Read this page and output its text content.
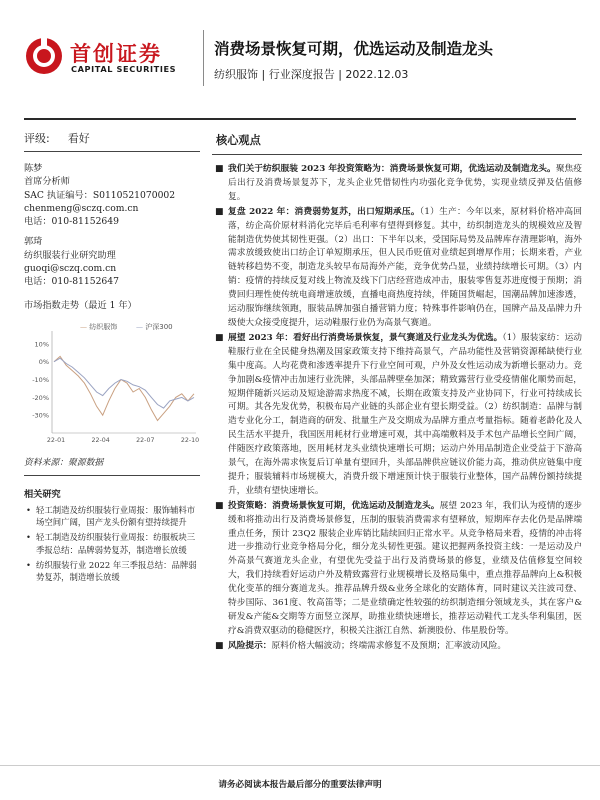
首创证券
CAPITAL SECURITIES
消费场景恢复可期，优选运动及制造龙头
纺织服饰 | 行业深度报告 | 2022.12.03
评级: 看好
陈梦
首席分析师
SAC 执证编号：S0110521070002
chenmeng@sczq.com.cn
电话：010-81152649
郭琦
纺织服装行业研究助理
guoqi@sczq.com.cn
电话：010-81152647
市场指数走势（最近 1 年）
10%
0%
-10%
-20%
-30%
22-01	22-04	22-07	22-10
— 纺织服饰	— 沪深300
资料来源：聚源数据
相关研究
• 轻工制造及纺织服装行业周报：服饰辅料市场空间广阔，国产龙头份额有望持续提升
• 轻工制造及纺织服装行业周报：纺服板块三季报总结：品牌弱势复苏，制造增长放缓
• 纺织服装行业 2022 年三季报总结：品牌弱势复苏，制造增长放缓
核心观点
■ 我们关于纺织服装 2023 年投资策略为：消费场景恢复可期，优选运动及制造龙头。聚焦疫后出行及消费场景复苏下，龙头企业凭借韧性内功强化竞争优势，实现业绩反弹及估值修复。
■ 复盘 2022 年：消费弱势复苏，出口短期承压。（1）生产：今年以来，原材料价格冲高回落，纺企高价原材料消化完毕后毛利率有望得到修复。其中，纺织制造龙头的规模效应及智能制造优势使其韧性更强。（2）出口：下半年以来，受国际局势及品牌库存清理影响，海外需求放缓致使出口纺企订单短期承压，但人民币贬值对业绩起到增厚作用；长期来看，产业链转移趋势不变，制造龙头较早布局海外产能，竞争优势凸显，业绩持续增长可期。（3）内销：疫情的持续反复对线上物流及线下门店经营造成冲击，服装零售复苏进度慢于预期；消费回归理性使传统电商增速放缓，直播电商热度持续，伴随国货崛起，国潮品牌加速渗透，运动服饰继续领跑，服装品牌加强自播营销力度；特殊事件影响仍在，国牌产品及品牌力升级使大众接受度提升，运动鞋服行业仍为高景气赛道。
■ 展望 2023 年：看好出行消费场景恢复，景气赛道及行业龙头为优选。（1）服装家纺：运动鞋服行业在全民健身热潮及国家政策支持下维持高景气，产品功能性及营销资源稀缺使行业集中度高。人均花费和渗透率提升下行业空间可观，户外及女性运动成为新增长驱动力。竞争加剧&疫情冲击加速行业洗牌，头部品牌壁垒加深；精致露营行业受疫情催化顺势而起，短期伴随新兴运动及短途游需求热度不减，长期在政策支持及产业协同下，行业可持续成长可期。其各先发优势，积极布局产业链的头部企业有望长期受益。（2）纺织制造：品牌与制造专业化分工，制造商的研发、批量生产及交期成为品牌方重点考量指标。随着老龄化及人民生活水平提升，我国医用耗材行业增速可观，其中高端敷料及手术包产品增长空间广阔，伴随医疗政策落地，医用耗材龙头业绩快速增长可期；运动户外用品制造企业受益于下游高景气，在海外需求恢复后订单量有望回升，头部品牌供应链议价能力高，推动供应链集中度提升；服装辅料市场规模大，消费升级下增速预计快于服装行业整体，国产品牌份额持续提升，业绩有望快速增长。
■ 投资策略：消费场景恢复可期，优选运动及制造龙头。展望 2023 年，我们认为疫情的逐步缓和将推动出行及消费场景修复，压制的服装消费需求有望释放，短期库存去化仍是品牌端重点任务，预计 23Q2 服装企业库销比陆续回归正常水平。从竞争格局来看，疫情的冲击将进一步推动行业竞争格局分化，细分龙头韧性更强。建议把握两条投资主线：一是运动及户外高景气赛道龙头企业，有望优先受益于出行及消费场景的修复，业绩及估值修复空间较大，我们持续看好运动户外及精致露营行业规模增长及格局集中，重点推荐品牌向上&积极优化变革的细分赛道龙头。推荐品牌升级&业务全球化的安踏体育，同时建议关注波司登、特步国际、361度、牧高笛等；二是业绩确定性较强的纺织制造细分领域龙头，其在客户&研发&产能&交期等方面竖立深厚，助推业绩快速增长，推荐运动鞋代工龙头华利集团，医疗&消费双驱动的稳健医疗，积极关注浙江自然、新澳股份、伟星股份等。
■ 风险提示：原料价格大幅波动；终端需求修复不及预期；汇率波动风险。
请务必阅读本报告最后部分的重要法律声明
